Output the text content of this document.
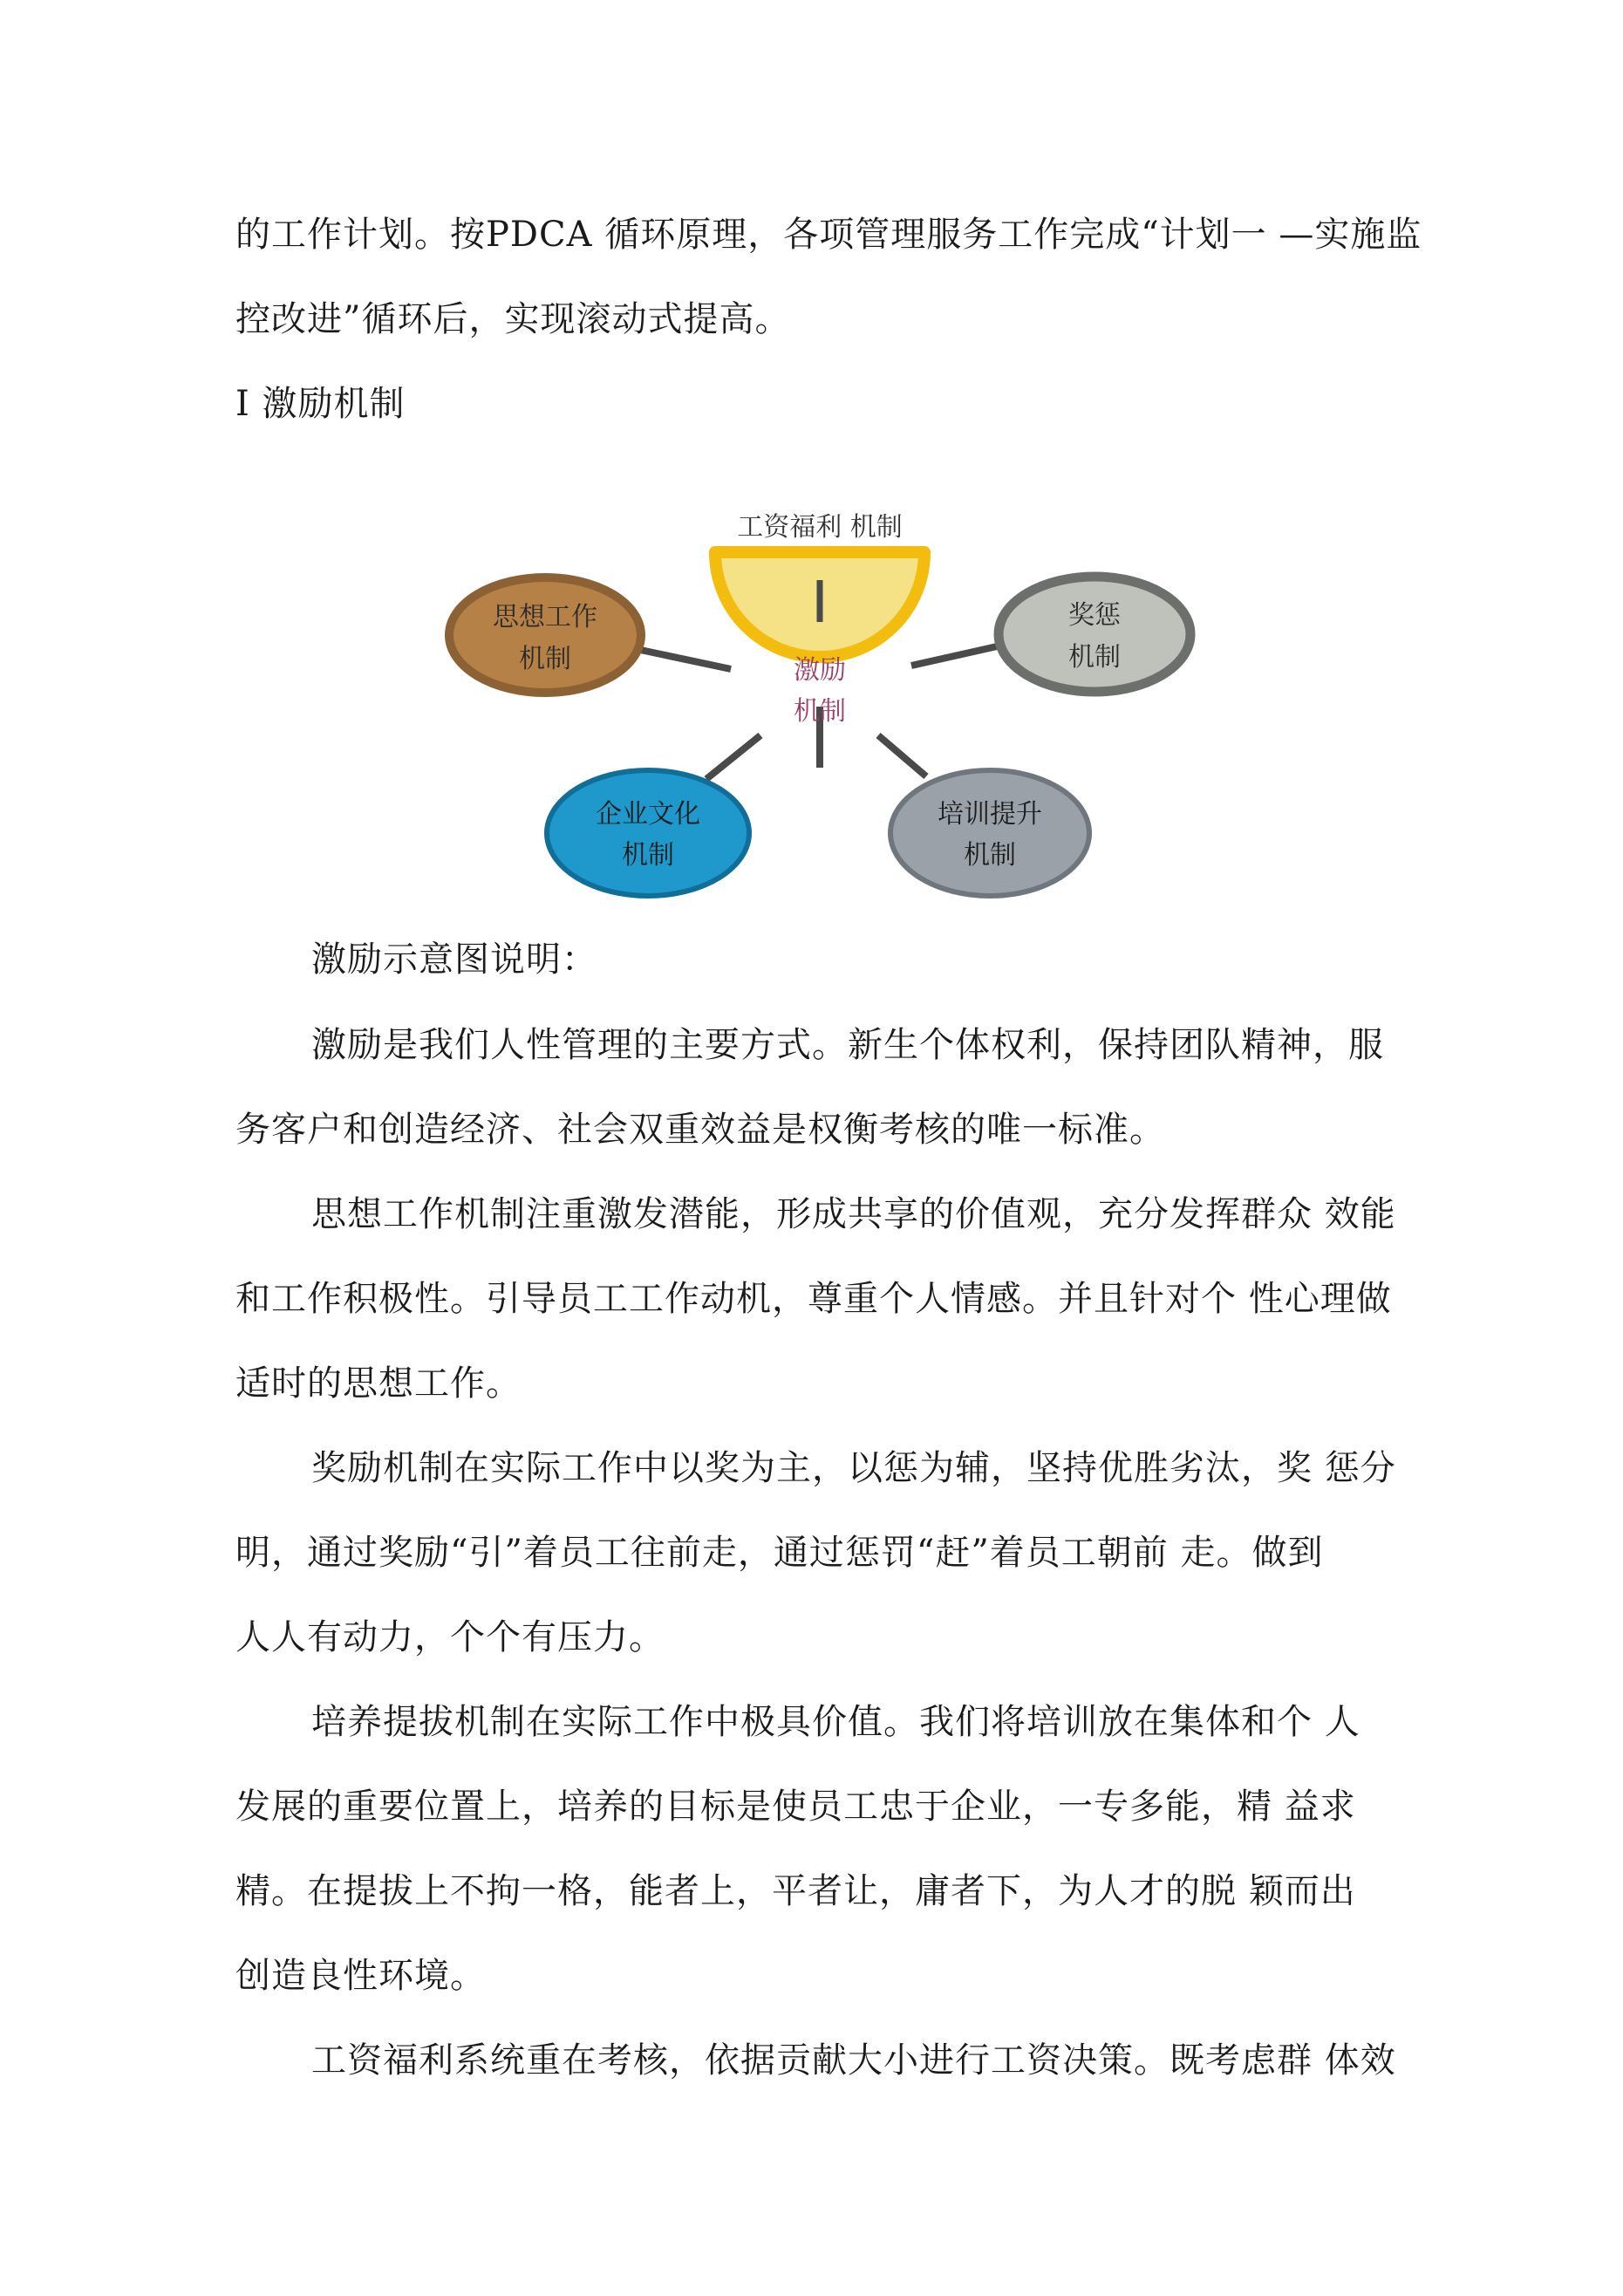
的工作计划。按PDCA 循环原理，各项管理服务工作完成“计划一 —实施监

控改进”循环后，实现滚动式提高。

I 激励机制

工资福利 机制
激励
机制
思想工作
机制
奖惩
机制
企业文化
机制
培训提升
机制

激励示意图说明：

激励是我们人性管理的主要方式。新生个体权利，保持团队精神，服

务客户和创造经济、社会双重效益是权衡考核的唯一标准。

思想工作机制注重激发潜能，形成共享的价值观，充分发挥群众 效能

和工作积极性。引导员工工作动机，尊重个人情感。并且针对个 性心理做

适时的思想工作。

奖励机制在实际工作中以奖为主，以惩为辅，坚持优胜劣汰，奖 惩分

明，通过奖励“引”着员工往前走，通过惩罚“赶”着员工朝前 走。做到

人人有动力，个个有压力。

培养提拔机制在实际工作中极具价值。我们将培训放在集体和个 人

发展的重要位置上，培养的目标是使员工忠于企业，一专多能，精 益求

精。在提拔上不拘一格，能者上，平者让，庸者下，为人才的脱 颖而出

创造良性环境。

工资福利系统重在考核，依据贡献大小进行工资决策。既考虑群 体效
